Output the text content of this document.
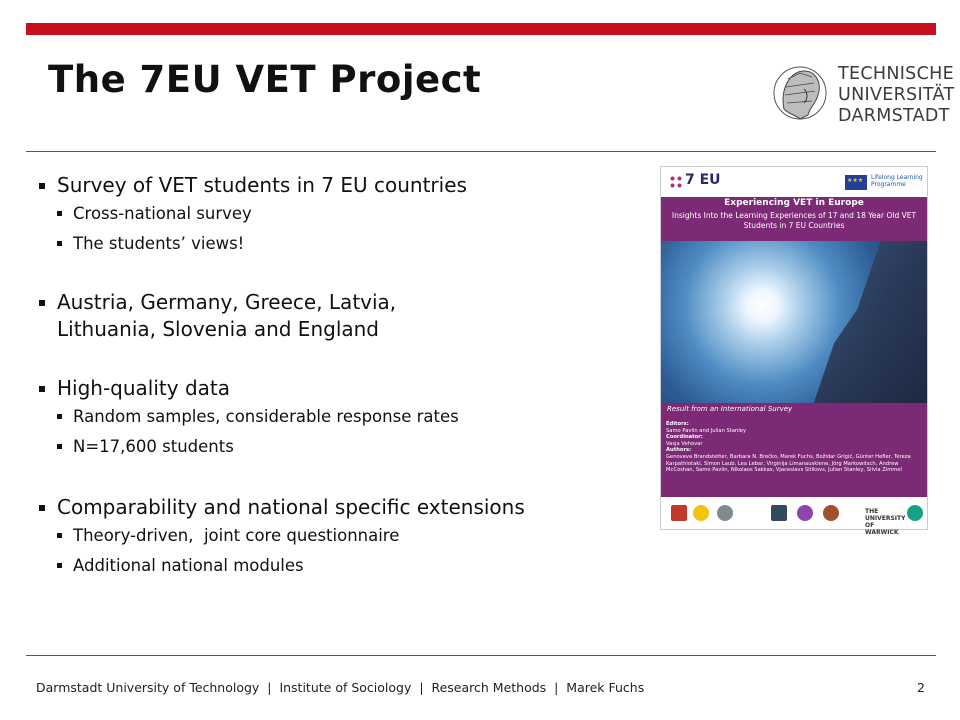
The 7EU VET Project	TECHNISCHE
UNIVERSITÄT
DARMSTADT
Survey of VET students in 7 EU countries
Cross-national survey
The students’ views!
Austria, Germany, Greece, Latvia, Lithuania, Slovenia and England
High-quality data
Random samples, considerable response rates
N=17,600 students
Comparability and national specific extensions
Theory-driven,  joint core questionnaire
Additional national modules
7 EU
★★★	Lifelong Learning Programme
Experiencing VET in Europe
Insights Into the Learning Experiences of 17 and 18 Year Old VET Students in 7 EU Countries
Result from an International Survey
Editors:
Samo Pavlin and Julian Stanley
Coordinator:
Vasja Vehovar
Authors:
Genoveva Brandstetter, Barbara N. Brečko, Marek Fuchs, Božidar Grigić, Günter Hefler, Tereza Karpathiotaki, Simon Laub, Lea Lebar, Virginija Limanauskiene, Jörg Markowitsch, Andrew McCoshan, Samo Pavlin, Nikolaos Sakkas, Vjaceslavs Sitikovs, Julian Stanley, Silvia Zimmel
THE UNIVERSITY OF WARWICK
Darmstadt University of Technology  |  Institute of Sociology  |  Research Methods  |  Marek Fuchs	2
